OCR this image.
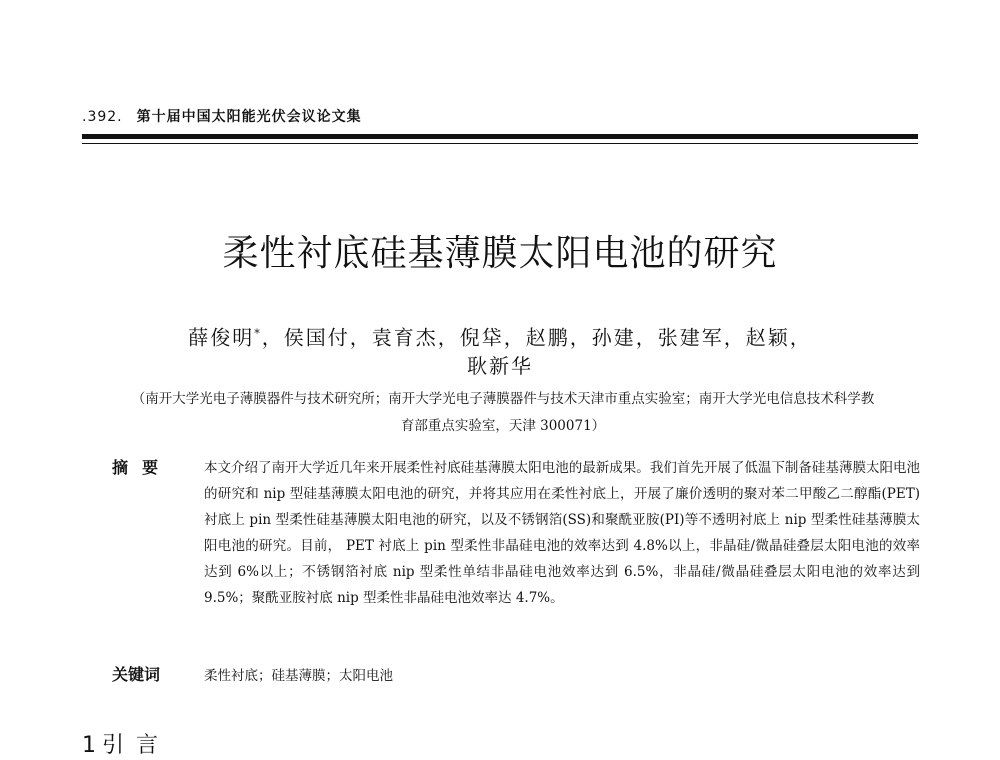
.392. 第十届中国太阳能光伏会议论文集
柔性衬底硅基薄膜太阳电池的研究
薛俊明*，侯国付，袁育杰，倪牮，赵鹏，孙建，张建军，赵颖，
耿新华
（南开大学光电子薄膜器件与技术研究所；南开大学光电子薄膜器件与技术天津市重点实验室；南开大学光电信息技术科学教
育部重点实验室，天津 300071）
摘要 本文介绍了南开大学近几年来开展柔性衬底硅基薄膜太阳电池的最新成果。我们首先开展了低温下制备硅基薄膜太阳电池的研究和 nip 型硅基薄膜太阳电池的研究，并将其应用在柔性衬底上，开展了廉价透明的聚对苯二甲酸乙二醇酯(PET)衬底上 pin 型柔性硅基薄膜太阳电池的研究，以及不锈钢箔(SS)和聚酰亚胺(PI)等不透明衬底上 nip 型柔性硅基薄膜太阳电池的研究。目前， PET 衬底上 pin 型柔性非晶硅电池的效率达到 4.8%以上，非晶硅/微晶硅叠层太阳电池的效率达到 6%以上；不锈钢箔衬底 nip 型柔性单结非晶硅电池效率达到 6.5%，非晶硅/微晶硅叠层太阳电池的效率达到 9.5%；聚酰亚胺衬底 nip 型柔性非晶硅电池效率达 4.7%。
关键词	柔性衬底；硅基薄膜；太阳电池
1 引言
